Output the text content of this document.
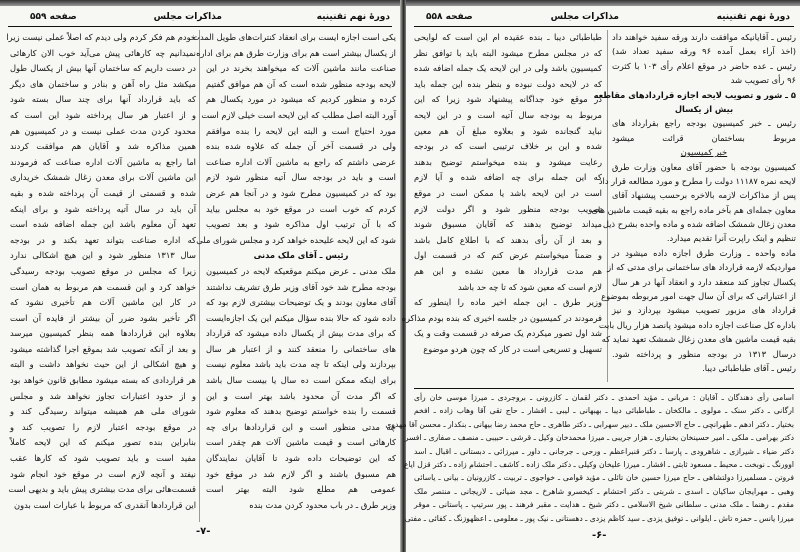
دورهٔ نهم تقنینیه
مذاکرات مجلس
صفحه ۵۵۹
یکی است اجازه ایست برای انعقاد کنترات‌های طویل المدت
از یکسال بیشتر است هم برای وزارت طرق هم برای اداره
صناعت مانند ماشین آلات که میخواهند بخرند در این
لایحه بودجه منظور شده است که آن هم موافق گفتیم
کرده و منظور کردیم که میشود در مورد یکسال هم
آورد البته اصل مطلب که این لایحه است خیلی لازم است
مورد احتیاج است و البته این لایحه را بنده موافقم
ولی در قسمت آخر آن جمله که علاوه شده بنده
عرضی داشتم که راجع به ماشین آلات اداره صناعت
است و باید در بودجه سال آتیه منظور شود لازم
بود که در کمیسیون مطرح شود و در آنجا هم عرض
کردم که خوب است در موقع خود به مجلس بیاید
که با آن ترتیب اول مذاکره شود و بعد تصویب
شود که این لایحه علیحده خواهد کرد و مجلس شورای ملی
رئیس ـ آقای ملک مدنی
ملک مدنی ـ عرض میکنم موقعیکه لایحه در کمیسیون
بودجه مطرح شد خود آقای وزیر طرق تشریف نداشتند
آقای معاون بودند و یک توضیحات بیشتری لازم بود که
داده شود که حالا بنده سؤال میکنم این یک اجازه‌ایست
که برای مدت بیش از یکسال داده میشود که قرارداد
های ساختمانی را منعقد کنند و از اعتبار هر سال
بپردازند ولی اینکه تا چه مدت باید باشد معلوم نیست
برای اینکه ممکن است ده سال یا بیست سال باشد
که اگر مدت آن محدود باشد بهتر است و این
قسمت را بنده خواستم توضیح بدهند که معلوم شود
چه مدتی منظور است و این قراردادها برای چه
کارهائی است و قیمت ماشین آلات هم چقدر است
که این توضیحات داده شود تا آقایان نمایندگان
هم مسبوق باشند و اگر لازم شد در موقع خود
عمومی هم مطلع شود البته بهتر است
وزیر طرق ـ در باب محدود کردن مدت بنده
خودم هم فکر کردم ولی دیدم که اصلاً عملی نیست زیرا
نمیدانیم چه کارهائی پیش می‌آید خوب الان کارهائی
در دست داریم که ساختمان آنها بیش از یکسال طول
میکشد مثل راه آهن و بنادر و ساختمان های دیگر
که باید قرارداد آنها برای چند سال بسته شود
و از اعتبار هر سال پرداخته شود این است که
محدود کردن مدت عملی نیست و در کمیسیون هم
همین مذاکره شد و آقایان هم موافقت کردند
اما راجع به ماشین آلات اداره صناعت که فرمودند
این ماشین آلات برای معدن زغال شمشک خریداری
شده و قسمتی از قیمت آن پرداخته شده و بقیه
آن باید در سال آتیه پرداخته شود و برای اینکه
تعهد آن معلوم باشد این جمله اضافه شده است
که اداره صناعت بتواند تعهد بکند و در بودجه
سال ۱۳۱۳ منظور شود و این هیچ اشکالی ندارد
زیرا که مجلس در موقع تصویب بودجه رسیدگی
خواهد کرد و این قسمت هم مربوط به همان است
در کار این ماشین آلات هم تأخیری نشود که
اگر تأخیر بشود ضرر آن بیشتر از فایده آن است
بعلاوه این قراردادها همه بنظر کمیسیون میرسد
و بعد از آنکه تصویب شد بموقع اجرا گذاشته میشود
و هیچ اشکالی از این حیث نخواهد داشت و البته
هر قراردادی که بسته میشود مطابق قانون خواهد بود
و از حدود اعتبارات تجاوز نخواهد شد و مجلس
شورای ملی هم همیشه میتواند رسیدگی کند و
در موقع بودجه اعتبار لازم را تصویب کند و
بنابراین بنده تصور میکنم که این لایحه کاملاً
مفید است و باید تصویب شود که کارها عقب
نیفتد و آنچه لازم است در موقع خود انجام شود
قسمت‌هائی برای مدت بیشتری پیش باید و بدیهی است
این قراردادها آنقدری که مربوط با عبارات است بدون
-۷-
دورهٔ نهم تقنینیه
مذاکرات مجلس
صفحه ۵۵۸
رئیس ـ آقایانیکه موافقت دارند ورقه سفید خواهند داد
(اخذ آراء بعمل آمده ۹۶ ورقه سفید تعداد شد)
رئیس ـ عده حاضر در موقع اعلام رأی ۱۰۳ با کثرت
۹۶ رأی تصویب شد
۵ ـ شور و تصویب لایحه اجازه قراردادهای مقاطعه
بیش از یکسال
رئیس ـ خبر کمیسیون بودجه راجع بقرارداد های
مربوط بساختمان قرائت میشود
خبر کمیسیون
کمیسیون بودجه با حضور آقای معاون وزارت طرق
لایحه نمره ۱۱۱۸۷ دولت را مطرح و مورد مطالعه قرار داد
پس از مذاکرات لازمه بالاخره برحسب پیشنهاد آقای
معاون جمله‌ای هم بآخر ماده راجع به بقیه قیمت ماشین های
معدن زغال شمشک اضافه شده و ماده واحده بشرح ذیل
تنظیم و اینک راپرت آنرا تقدیم میدارد.
ماده واحده ـ وزارت طرق اجازه داده میشود در
مواردیکه لازمه قرارداد های ساختمانی برای مدتی که از
یکسال تجاوز کند منعقد دارد و انعقاد آنها در هر سال
از اعتباراتی که برای آن سال جهت امور مربوطه بموضوع
قرارداد های مزبور تصویب میشود بپردازد و نیز
باداره کل صناعت اجازه داده میشود پانصد هزار ریال بابت
بقیه قیمت ماشین های معدن زغال شمشک تعهد نماید که
درسال ۱۳۱۳ در بودجه منظور و پرداخته شود.
رئیس ـ آقای طباطبائی دیبا.
طباطبائی دیبا ـ بنده عقیده ام این است که لوایحی
که در مجلس مطرح میشود البته باید با توافق نظر
کمیسیون باشد ولی در این لایحه یک جمله اضافه شده
که در لایحه دولت نبوده و بنظر بنده این جمله باید
در موقع خود جداگانه پیشنهاد شود زیرا که این
مربوط به بودجه سال آتیه است و در این لایحه
نباید گنجانده شود و بعلاوه مبلغ آن هم معین
شده و این بر خلاف ترتیبی است که در بودجه
رعایت میشود و بنده میخواستم توضیح بدهند
که این جمله برای چه اضافه شده و آیا لازم
است در این لایحه باشد یا ممکن است در موقع
تصویب بودجه منظور شود و اگر دولت لازم
میداند توضیح بدهند که آقایان مسبوق شوند
و بعد از آن رأی بدهند که با اطلاع کامل باشد
و ضمناً میخواستم عرض کنم که در قسمت اول
هم مدت قرارداد ها معین نشده و این هم
لازم است که معین شود که تا چه حد باشد
وزیر طرق ـ این جمله اخیر ماده را اینطور که
فرمودند در کمیسیون در جلسه اخیری که بنده بودم مذاکره
شد اول تصور میکردم یک صرفه در قسمت وقت و یک
تسهیل و تسریعی است در کار که چون هردو موضوع
اسامی رأی دهندگان ـ آقایان : مربانی ـ مؤید احمدی ـ دکتر لقمان ـ کازرونی ـ بروجردی ـ میرزا موسی خان رأی
ارگانی ـ دکتر سنک ـ مولوی ـ مالکخان ـ طباطبائی دیبا ـ بهبهانی ـ لیبی ـ افشار ـ حاج تقی آقا وهاب زاده ـ افخم
بختیار ـ دکتر ادهم ـ طهرانچی ـ حاج الاحسین ملک ـ دبیر سهرابی ـ دکتر طاهری ـ حاج محمد رضا بیهانی ـ بنکدار ـ محسن آقا مهدوی
دکتر بهرامی ـ ملکی ـ امیر حسینخان بختیاری ـ هزار جریبی ـ میرزا محمدخان وکیل ـ قرشی ـ حبیبی ـ منصف ـ صفاری ـ افسر
دکتر ضیاء ـ شیرازی ـ شاهرودی ـ پارسا ـ دکتر قنبراعظم ـ ورحی ـ جرجانی ـ داور ـ میرزائی ـ دبستانی ـ اقبال ـ اسد
اوورنگ ـ نوبخت ـ محیط ـ مسعود ثابتی ـ افشار ـ میرزا علیخان وکیلی ـ دکتر ملک زاده ـ کاشف ـ احتشام زاده ـ دکتر قزل ایاغ
فروتن ـ مسلمیرزا دولتشاهی ـ حاج میرزا حسین خان تائلی ـ مؤید قوامی ـ خواجوی ـ تربیت ـ کازرونیان ـ بیانی ـ یاسائی
وهبی ـ مهرایجان ساکیان ـ اسدی ـ شربتی ـ دکتر احتشام ـ کیخسرو شاهرخ ـ مجد ضیائی ـ لاریجانی ـ منتصر ملک
مقدم ـ رهنما ـ ملک مدنی ـ سلطانی شیخ الاسلامی ـ دکتر شیخ ـ هدایت ـ مقبر فرهند ـ پور سرتیپ ـ پاستانی ـ موقر
میرزا یانس ـ حمزه تاش ـ ایلوانی ـ توفیق یزدی ـ سید کاظم یزدی ـ دهستانی ـ نیک پور ـ معلومی ـ اعظهوزنگ ـ کفائی ـ مفتی
-۶-
